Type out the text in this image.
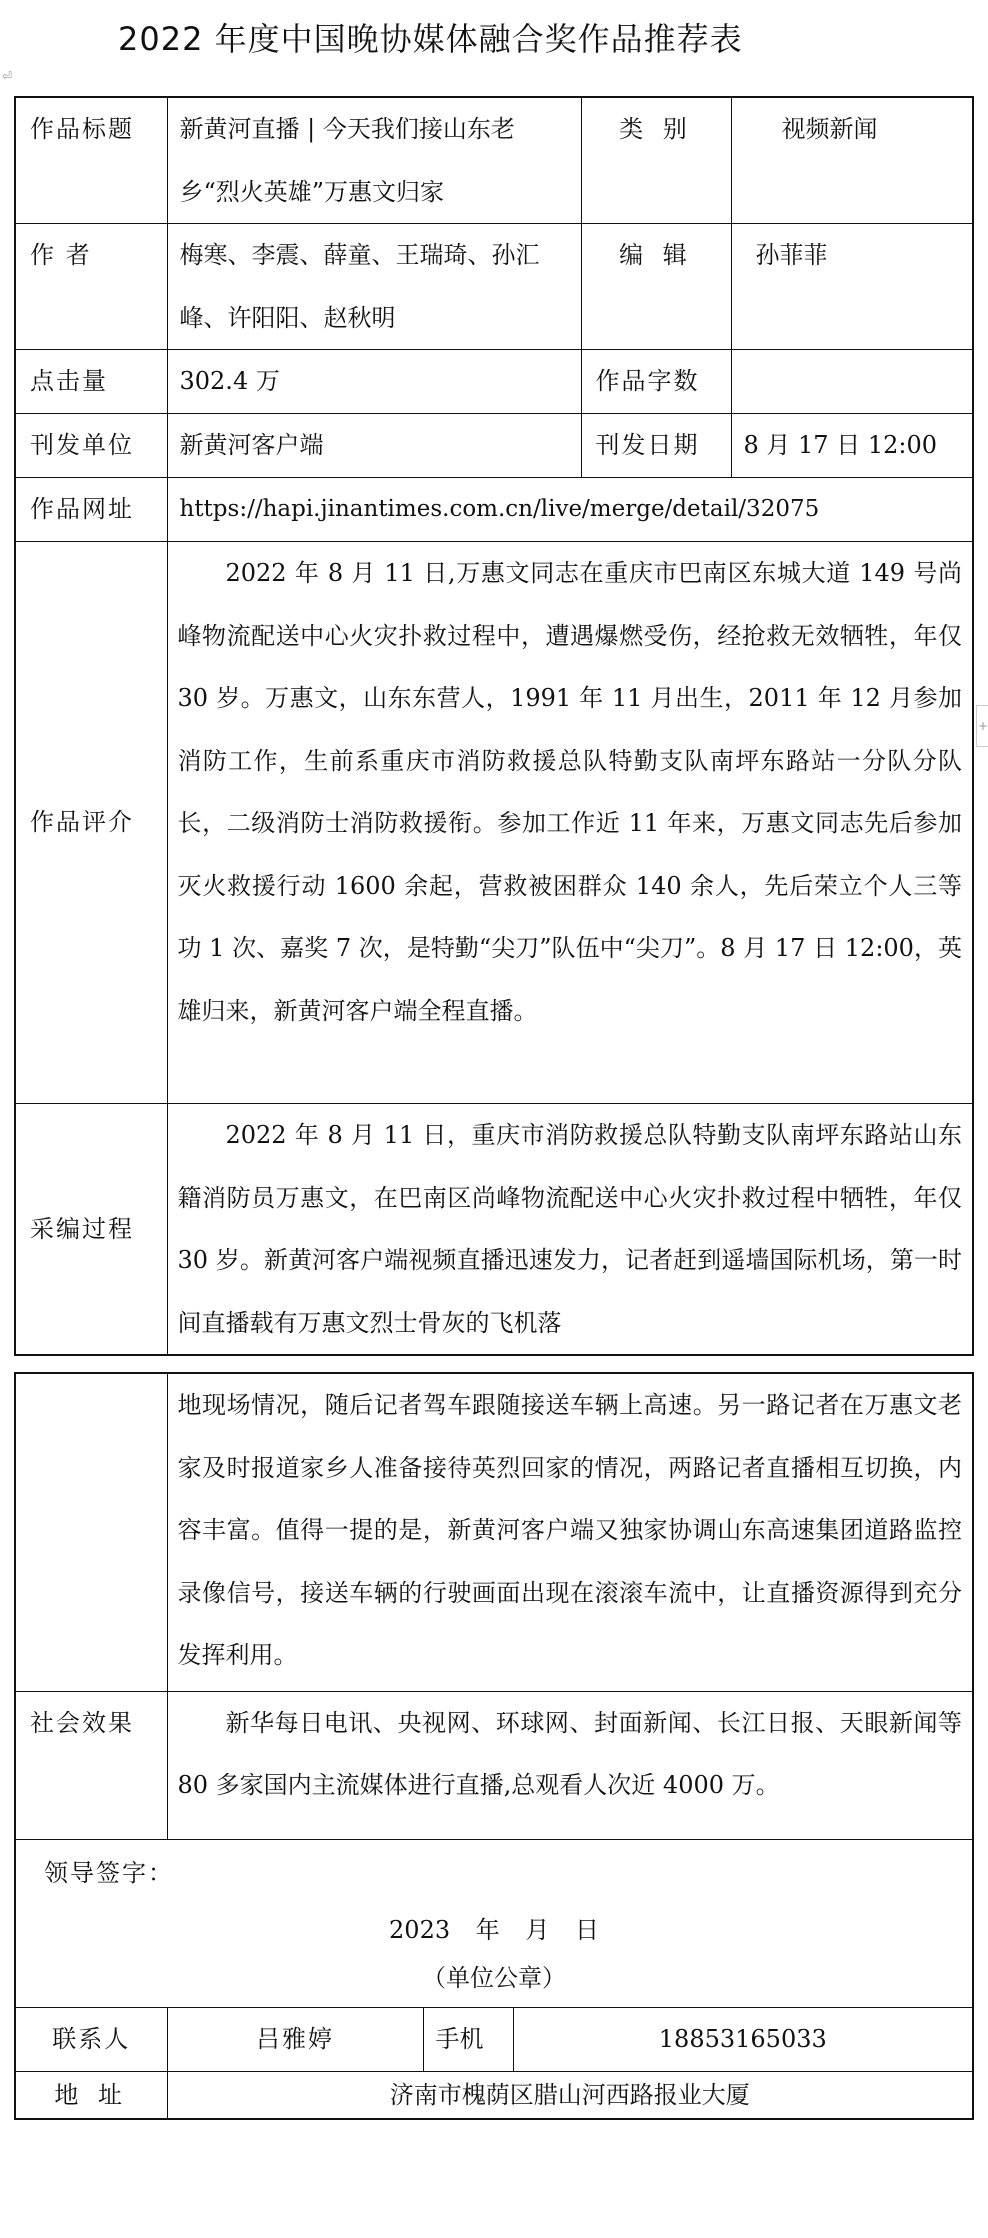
2022 年度中国晚协媒体融合奖作品推荐表
⏎
+
作品标题	新黄河直播 | 今天我们接山东老乡“烈火英雄”万惠文归家	类 别	视频新闻
作 者	梅寒、李震、薛童、王瑞琦、孙汇峰、许阳阳、赵秋明	编 辑	孙菲菲
点击量	302.4 万	作品字数	
刊发单位	新黄河客户端	刊发日期	8 月 17 日 12:00
作品网址	https://hapi.jinantimes.com.cn/live/merge/detail/32075		
作品评介	2022 年 8 月 11 日,万惠文同志在重庆市巴南区东城大道 149 号尚峰物流配送中心火灾扑救过程中，遭遇爆燃受伤，经抢救无效牺牲，年仅 30 岁。万惠文，山东东营人，1991 年 11 月出生，2011 年 12 月参加消防工作，生前系重庆市消防救援总队特勤支队南坪东路站一分队分队长，二级消防士消防救援衔。参加工作近 11 年来，万惠文同志先后参加灭火救援行动 1600 余起，营救被困群众 140 余人，先后荣立个人三等功 1 次、嘉奖 7 次，是特勤“尖刀”队伍中“尖刀”。8 月 17 日 12:00，英雄归来，新黄河客户端全程直播。		

采编过程	2022 年 8 月 11 日，重庆市消防救援总队特勤支队南坪东路站山东籍消防员万惠文，在巴南区尚峰物流配送中心火灾扑救过程中牺牲，年仅 30 岁。新黄河客户端视频直播迅速发力，记者赶到遥墙国际机场，第一时间直播载有万惠文烈士骨灰的飞机落		

	地现场情况，随后记者驾车跟随接送车辆上高速。另一路记者在万惠文老家及时报道家乡人准备接待英烈回家的情况，两路记者直播相互切换，内容丰富。值得一提的是，新黄河客户端又独家协调山东高速集团道路监控录像信号，接送车辆的行驶画面出现在滚滚车流中，让直播资源得到充分发挥利用。		

社会效果	新华每日电讯、央视网、环球网、封面新闻、长江日报、天眼新闻等 80 多家国内主流媒体进行直播,总观看人次近 4000 万。		

领导签字：
2023 年 月 日
（单位公章）			

联系人	吕雅婷	手机	18853165033
地 址	济南市槐荫区腊山河西路报业大厦		
